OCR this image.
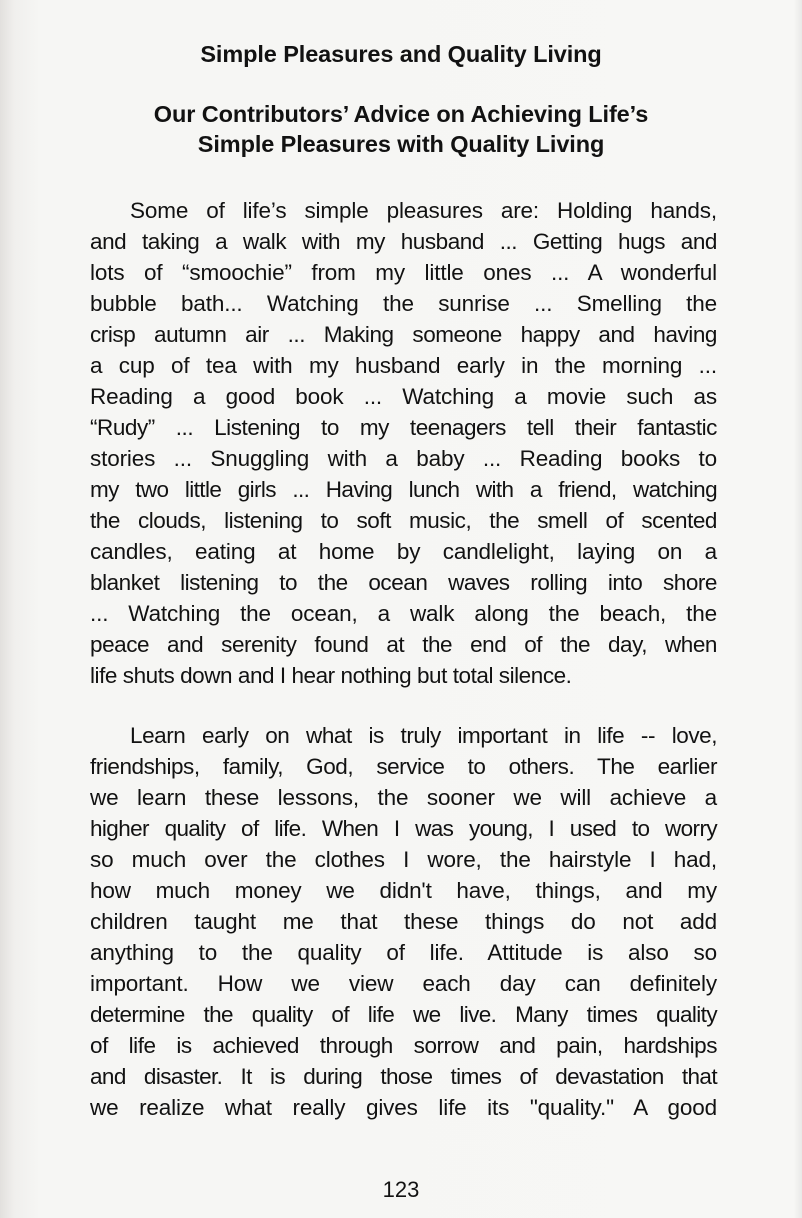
Simple Pleasures and Quality Living
Our Contributors’ Advice on Achieving Life’s
Simple Pleasures with Quality Living
Some of life’s simple pleasures are: Holding hands,
and taking a walk with my husband ... Getting hugs and
lots of “smoochie” from my little ones ... A wonderful
bubble bath... Watching the sunrise ... Smelling the
crisp autumn air ... Making someone happy and having
a cup of tea with my husband early in the morning ...
Reading a good book ... Watching a movie such as
“Rudy” ... Listening to my teenagers tell their fantastic
stories ... Snuggling with a baby ... Reading books to
my two little girls ... Having lunch with a friend, watching
the clouds, listening to soft music, the smell of scented
candles, eating at home by candlelight, laying on a
blanket listening to the ocean waves rolling into shore
... Watching the ocean, a walk along the beach, the
peace and serenity found at the end of the day, when
life shuts down and I hear nothing but total silence.
Learn early on what is truly important in life -- love,
friendships, family, God, service to others. The earlier
we learn these lessons, the sooner we will achieve a
higher quality of life. When I was young, I used to worry
so much over the clothes I wore, the hairstyle I had,
how much money we didn't have, things, and my
children taught me that these things do not add
anything to the quality of life. Attitude is also so
important. How we view each day can definitely
determine the quality of life we live. Many times quality
of life is achieved through sorrow and pain, hardships
and disaster. It is during those times of devastation that
we realize what really gives life its "quality." A good
123
